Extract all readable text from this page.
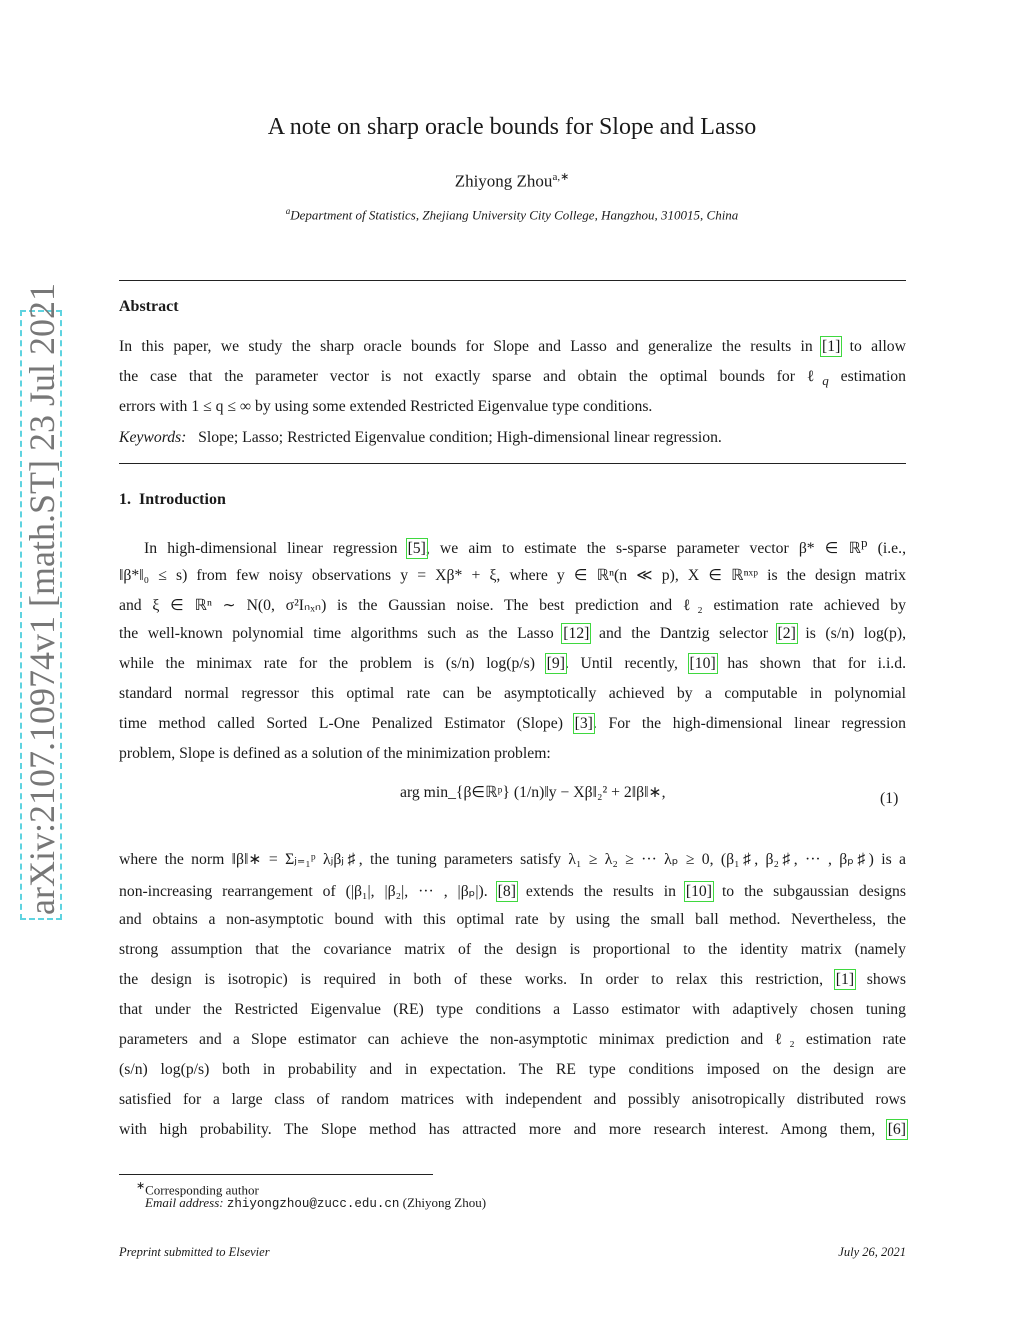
arXiv:2107.10974v1 [math.ST] 23 Jul 2021
A note on sharp oracle bounds for Slope and Lasso
Zhiyong Zhou$^{a,∗}$
$^a$Department of Statistics, Zhejiang University City College, Hangzhou, 310015, China
Abstract
In this paper, we study the sharp oracle bounds for Slope and Lasso and generalize the results in [1] to allow
the case that the parameter vector is not exactly sparse and obtain the optimal bounds for ℓ$_q$ estimation
errors with 1 ≤ q ≤ ∞ by using some extended Restricted Eigenvalue type conditions.
Keywords: Slope; Lasso; Restricted Eigenvalue condition; High-dimensional linear regression.
1. Introduction
In high-dimensional linear regression [5], we aim to estimate the s-sparse parameter vector β* ∈ ℝ$^p$ (i.e.,
‖β*‖₀ ≤ s) from few noisy observations y = Xβ* + ξ, where y ∈ ℝⁿ(n ≪ p), X ∈ ℝⁿˣᵖ is the design matrix
and ξ ∈ ℝⁿ ∼ N(0, σ²Iₙₓₙ) is the Gaussian noise. The best prediction and ℓ₂ estimation rate achieved by
the well-known polynomial time algorithms such as the Lasso [12] and the Dantzig selector [2] is (s/n) log(p),
while the minimax rate for the problem is (s/n) log(p/s) [9]. Until recently, [10] has shown that for i.i.d.
standard normal regressor this optimal rate can be asymptotically achieved by a computable in polynomial
time method called Sorted L-One Penalized Estimator (Slope) [3]. For the high-dimensional linear regression
problem, Slope is defined as a solution of the minimization problem:
arg min_{β∈ℝᵖ} (1/n)‖y − Xβ‖₂² + 2‖β‖∗,	(1)
where the norm ‖β‖∗ = Σⱼ₌₁ᵖ λⱼβⱼ♯, the tuning parameters satisfy λ₁ ≥ λ₂ ≥ ··· λₚ ≥ 0, (β₁♯, β₂♯, ··· , βₚ♯) is a
non-increasing rearrangement of (|β₁|, |β₂|, ··· , |βₚ|). [8] extends the results in [10] to the subgaussian designs
and obtains a non-asymptotic bound with this optimal rate by using the small ball method. Nevertheless, the
strong assumption that the covariance matrix of the design is proportional to the identity matrix (namely
the design is isotropic) is required in both of these works. In order to relax this restriction, [1] shows
that under the Restricted Eigenvalue (RE) type conditions a Lasso estimator with adaptively chosen tuning
parameters and a Slope estimator can achieve the non-asymptotic minimax prediction and ℓ₂ estimation rate
(s/n) log(p/s) both in probability and in expectation. The RE type conditions imposed on the design are
satisfied for a large class of random matrices with independent and possibly anisotropically distributed rows
with high probability. The Slope method has attracted more and more research interest. Among them, [6]
∗Corresponding author
Email address: zhiyongzhou@zucc.edu.cn (Zhiyong Zhou)
Preprint submitted to Elsevier	July 26, 2021
